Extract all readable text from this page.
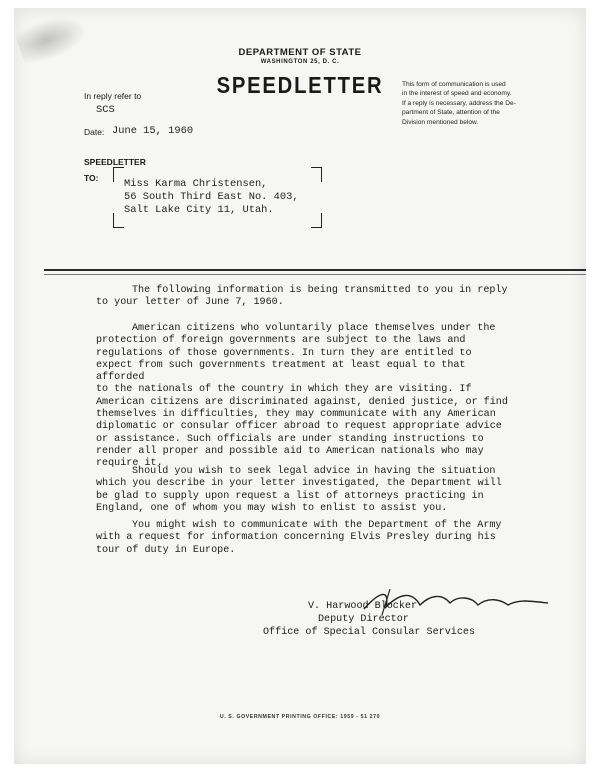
DEPARTMENT OF STATE
WASHINGTON 25, D. C.
SPEEDLETTER	This form of communication is used
in the interest of speed and economy.
If a reply is necessary, address the De-
partment of State, attention of the
Division mentioned below.
In reply refer to
SCS
Date: June 15, 1960
SPEEDLETTER
TO: Miss Karma Christensen,
56 South Third East No. 403,
Salt Lake City 11, Utah.
The following information is being transmitted to you in reply
to your letter of June 7, 1960.
American citizens who voluntarily place themselves under the
protection of foreign governments are subject to the laws and
regulations of those governments. In turn they are entitled to
expect from such governments treatment at least equal to that afforded
to the nationals of the country in which they are visiting. If
American citizens are discriminated against, denied justice, or find
themselves in difficulties, they may communicate with any American
diplomatic or consular officer abroad to request appropriate advice
or assistance. Such officials are under standing instructions to
render all proper and possible aid to American nationals who may
require it.
Should you wish to seek legal advice in having the situation
which you describe in your letter investigated, the Department will
be glad to supply upon request a list of attorneys practicing in
England, one of whom you may wish to enlist to assist you.
You might wish to communicate with the Department of the Army
with a request for information concerning Elvis Presley during his
tour of duty in Europe.
V. Harwood Blocker
Deputy Director
Office of Special Consular Services
U. S. GOVERNMENT PRINTING OFFICE: 1959 - 51 270
